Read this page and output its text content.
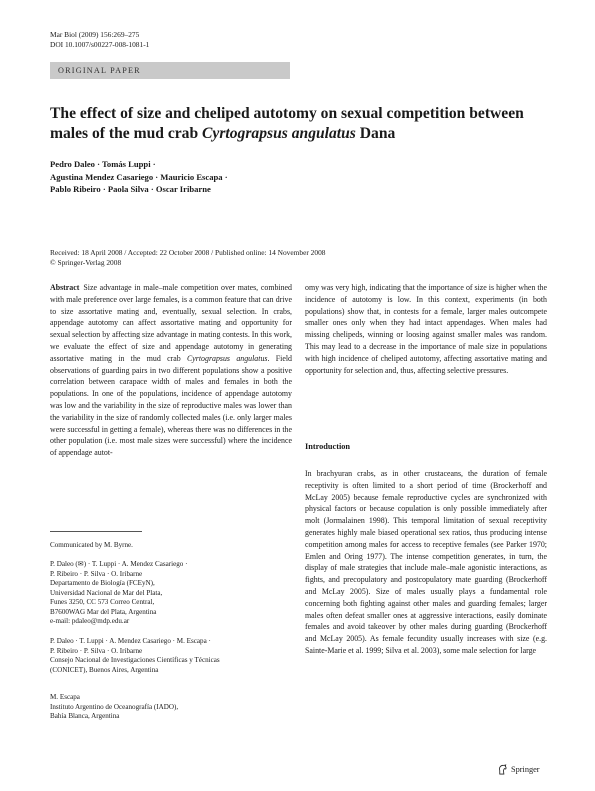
Mar Biol (2009) 156:269–275
DOI 10.1007/s00227-008-1081-1
ORIGINAL PAPER
The effect of size and cheliped autotomy on sexual competition between males of the mud crab Cyrtograpsus angulatus Dana
Pedro Daleo · Tomás Luppi ·
Agustina Mendez Casariego · Mauricio Escapa ·
Pablo Ribeiro · Paola Silva · Oscar Iribarne
Received: 18 April 2008 / Accepted: 22 October 2008 / Published online: 14 November 2008
© Springer-Verlag 2008

Abstract Size advantage in male–male competition over mates, combined with male preference over large females, is a common feature that can drive to size assortative mating and, eventually, sexual selection. In crabs, appendage autotomy can affect assortative mating and opportunity for sexual selection by affecting size advantage in mating contests. In this work, we evaluate the effect of size and appendage autotomy in generating assortative mating in the mud crab Cyrtograpsus angulatus. Field observations of guarding pairs in two different populations show a positive correlation between carapace width of males and females in both the populations. In one of the populations, incidence of appendage autotomy was low and the variability in the size of reproductive males was lower than the variability in the size of randomly collected males (i.e. only larger males were successful in getting a female), whereas there was no differences in the other population (i.e. most male sizes were successful) where the incidence of appendage autot-

omy was very high, indicating that the importance of size is higher when the incidence of autotomy is low. In this context, experiments (in both populations) show that, in contests for a female, larger males outcompete smaller ones only when they had intact appendages. When males had missing chelipeds, winning or loosing against smaller males was random. This may lead to a decrease in the importance of male size in populations with high incidence of cheliped autotomy, affecting assortative mating and opportunity for selection and, thus, affecting selective pressures.

Introduction

In brachyuran crabs, as in other crustaceans, the duration of female receptivity is often limited to a short period of time (Brockerhoff and McLay 2005) because female reproductive cycles are synchronized with physical factors or because copulation is only possible immediately after molt (Jormalainen 1998). This temporal limitation of sexual receptivity generates highly male biased operational sex ratios, thus producing intense competition among males for access to receptive females (see Parker 1970; Emlen and Oring 1977). The intense competition generates, in turn, the display of male strategies that include male–male agonistic interactions, as fights, and precopulatory and postcopulatory mate guarding (Brockerhoff and McLay 2005). Size of males usually plays a fundamental role concerning both fighting against other males and guarding females; larger males often defeat smaller ones at aggressive interactions, easily dominate females and avoid takeover by other males during guarding (Brockerhoff and McLay 2005). As female fecundity usually increases with size (e.g. Sainte-Marie et al. 1999; Silva et al. 2003), some male selection for large

Communicated by M. Byrne.
P. Daleo (✉) · T. Luppi · A. Mendez Casariego ·
P. Ribeiro · P. Silva · O. Iribarne
Departamento de Biología (FCEyN),
Universidad Nacional de Mar del Plata,
Funes 3250, CC 573 Correo Central,
B7600WAG Mar del Plata, Argentina
e-mail: pdaleo@mdp.edu.ar
P. Daleo · T. Luppi · A. Mendez Casariego · M. Escapa ·
P. Ribeiro · P. Silva · O. Iribarne
Consejo Nacional de Investigaciones Científicas y Técnicas
(CONICET), Buenos Aires, Argentina
M. Escapa
Instituto Argentino de Oceanografía (IADO),
Bahía Blanca, Argentina
Springer
